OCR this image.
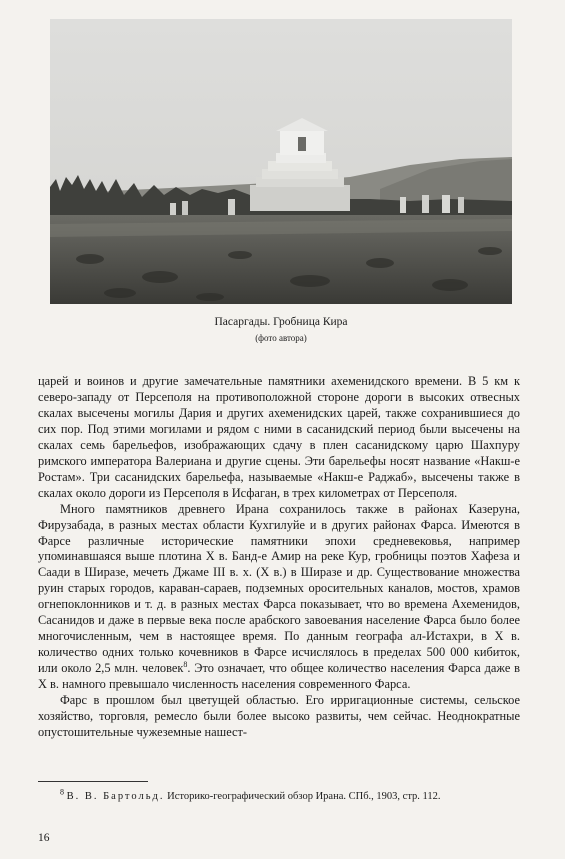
Пасаргады. Гробница Кира
(фото автора)

царей и воинов и другие замечательные памятники ахеменидского времени. В 5 км к северо-западу от Персеполя на противоположной стороне дороги в высоких отвесных скалах высечены могилы Дария и других ахеменидских царей, также сохранившиеся до сих пор. Под этими могилами и рядом с ними в сасанидский период были высечены на скалах семь барельефов, изображающих сдачу в плен сасанидскому царю Шахпуру римского императора Валериана и другие сцены. Эти барельефы носят название «Накш-е Ростам». Три сасанидских барельефа, называемые «Накш-е Раджаб», высечены также в скалах около дороги из Персеполя в Исфаган, в трех километрах от Персеполя.

Много памятников древнего Ирана сохранилось также в районах Казеруна, Фирузабада, в разных местах области Кухгилуйе и в других районах Фарса. Имеются в Фарсе различные исторические памятники эпохи средневековья, например упоминавшаяся выше плотина X в. Банд-е Амир на реке Кур, гробницы поэтов Хафеза и Саади в Ширазе, мечеть Джаме III в. х. (X в.) в Ширазе и др. Существование множества руин старых городов, караван-сараев, подземных оросительных каналов, мостов, храмов огнепоклонников и т. д. в разных местах Фарса показывает, что во времена Ахеменидов, Сасанидов и даже в первые века после арабского завоевания население Фарса было более многочисленным, чем в настоящее время. По данным географа ал-Истахри, в X в. количество одних только кочевников в Фарсе исчислялось в пределах 500 000 кибиток, или около 2,5 млн. человек$^8$. Это означает, что общее количество населения Фарса даже в X в. намного превышало численность населения современного Фарса.

Фарс в прошлом был цветущей областью. Его ирригационные системы, сельское хозяйство, торговля, ремесло были более высоко развиты, чем сейчас. Неоднократные опустошительные чужеземные нашест-

$^8$ В. В. Бартольд. Историко-географический обзор Ирана. СПб., 1903, стр. 112.
16
